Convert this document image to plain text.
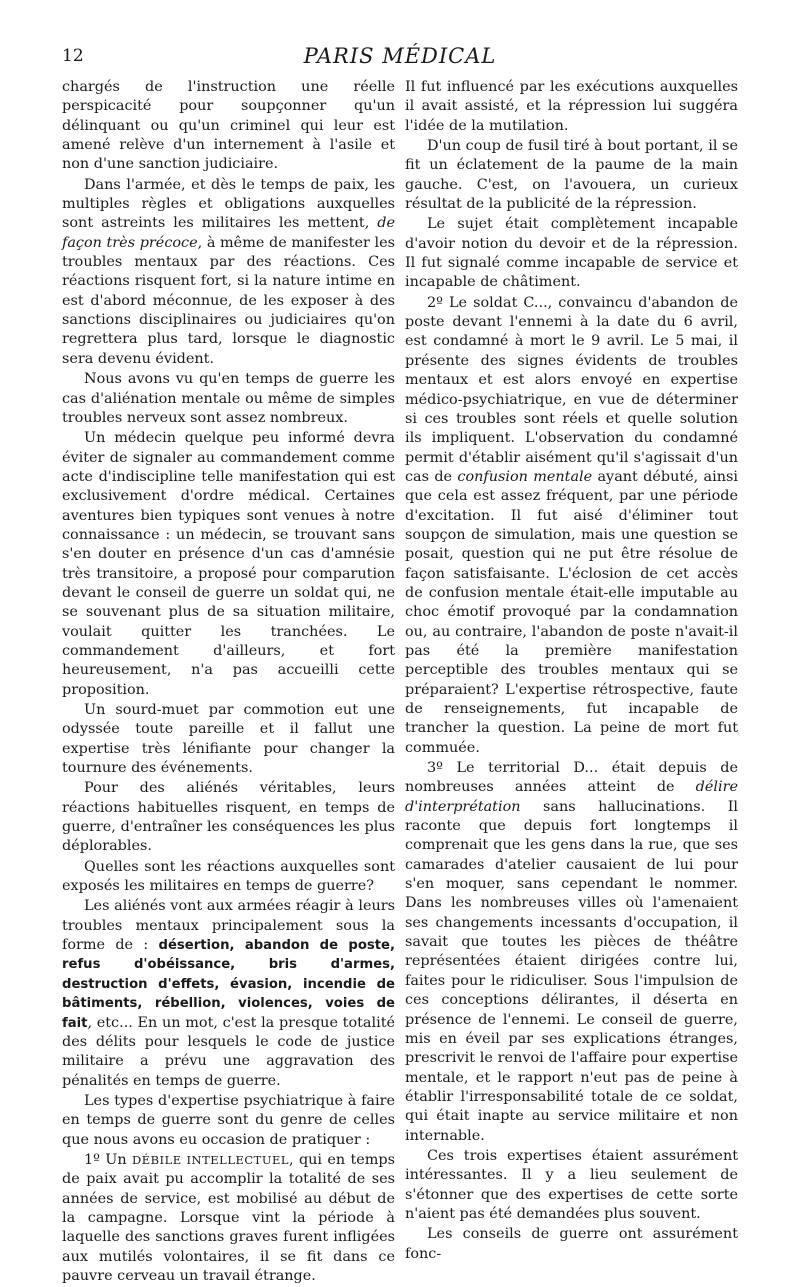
12	PARIS MÉDICAL

chargés de l'instruction une réelle perspicacité pour soupçonner qu'un délinquant ou qu'un criminel qui leur est amené relève d'un internement à l'asile et non d'une sanction judiciaire.

Dans l'armée, et dès le temps de paix, les multiples règles et obligations auxquelles sont astreints les militaires les mettent, de façon très précoce, à même de manifester les troubles mentaux par des réactions. Ces réactions risquent fort, si la nature intime en est d'abord méconnue, de les exposer à des sanctions disciplinaires ou judiciaires qu'on regrettera plus tard, lorsque le diagnostic sera devenu évident.

Nous avons vu qu'en temps de guerre les cas d'aliénation mentale ou même de simples troubles nerveux sont assez nombreux.

Un médecin quelque peu informé devra éviter de signaler au commandement comme acte d'indiscipline telle manifestation qui est exclusivement d'ordre médical. Certaines aventures bien typiques sont venues à notre connaissance : un médecin, se trouvant sans s'en douter en présence d'un cas d'amnésie très transitoire, a proposé pour comparution devant le conseil de guerre un soldat qui, ne se souvenant plus de sa situation militaire, voulait quitter les tranchées. Le commandement d'ailleurs, et fort heureusement, n'a pas accueilli cette proposition.

Un sourd-muet par commotion eut une odyssée toute pareille et il fallut une expertise très lénifiante pour changer la tournure des événements.

Pour des aliénés véritables, leurs réactions habituelles risquent, en temps de guerre, d'entraîner les conséquences les plus déplorables.

Quelles sont les réactions auxquelles sont exposés les militaires en temps de guerre?

Les aliénés vont aux armées réagir à leurs troubles mentaux principalement sous la forme de : désertion, abandon de poste, refus d'obéissance, bris d'armes, destruction d'effets, évasion, incendie de bâtiments, rébellion, violences, voies de fait, etc... En un mot, c'est la presque totalité des délits pour lesquels le code de justice militaire a prévu une aggravation des pénalités en temps de guerre.

Les types d'expertise psychiatrique à faire en temps de guerre sont du genre de celles que nous avons eu occasion de pratiquer :

1º Un DÉBILE INTELLECTUEL, qui en temps de paix avait pu accomplir la totalité de ses années de service, est mobilisé au début de la campagne. Lorsque vint la période à laquelle des sanctions graves furent infligées aux mutilés volontaires, il se fit dans ce pauvre cerveau un travail étrange.

Il fut influencé par les exécutions auxquelles il avait assisté, et la répression lui suggéra l'idée de la mutilation.

D'un coup de fusil tiré à bout portant, il se fit un éclatement de la paume de la main gauche. C'est, on l'avouera, un curieux résultat de la publicité de la répression.

Le sujet était complètement incapable d'avoir notion du devoir et de la répression. Il fut signalé comme incapable de service et incapable de châtiment.

2º Le soldat C..., convaincu d'abandon de poste devant l'ennemi à la date du 6 avril, est condamné à mort le 9 avril. Le 5 mai, il présente des signes évidents de troubles mentaux et est alors envoyé en expertise médico-psychiatrique, en vue de déterminer si ces troubles sont réels et quelle solution ils impliquent. L'observation du condamné permit d'établir aisément qu'il s'agissait d'un cas de confusion mentale ayant débuté, ainsi que cela est assez fréquent, par une période d'excitation. Il fut aisé d'éliminer tout soupçon de simulation, mais une question se posait, question qui ne put être résolue de façon satisfaisante. L'éclosion de cet accès de confusion mentale était-elle imputable au choc émotif provoqué par la condamnation ou, au contraire, l'abandon de poste n'avait-il pas été la première manifestation perceptible des troubles mentaux qui se préparaient? L'expertise rétrospective, faute de renseignements, fut incapable de trancher la question. La peine de mort fut commuée.

3º Le territorial D... était depuis de nombreuses années atteint de délire d'interprétation sans hallucinations. Il raconte que depuis fort longtemps il comprenait que les gens dans la rue, que ses camarades d'atelier causaient de lui pour s'en moquer, sans cependant le nommer. Dans les nombreuses villes où l'amenaient ses changements incessants d'occupation, il savait que toutes les pièces de théâtre représentées étaient dirigées contre lui, faites pour le ridiculiser. Sous l'impulsion de ces conceptions délirantes, il déserta en présence de l'ennemi. Le conseil de guerre, mis en éveil par ses explications étranges, prescrivit le renvoi de l'affaire pour expertise mentale, et le rapport n'eut pas de peine à établir l'irresponsabilité totale de ce soldat, qui était inapte au service militaire et non internable.

Ces trois expertises étaient assurément intéressantes. Il y a lieu seulement de s'étonner que des expertises de cette sorte n'aient pas été demandées plus souvent.

Les conseils de guerre ont assurément fonc-
